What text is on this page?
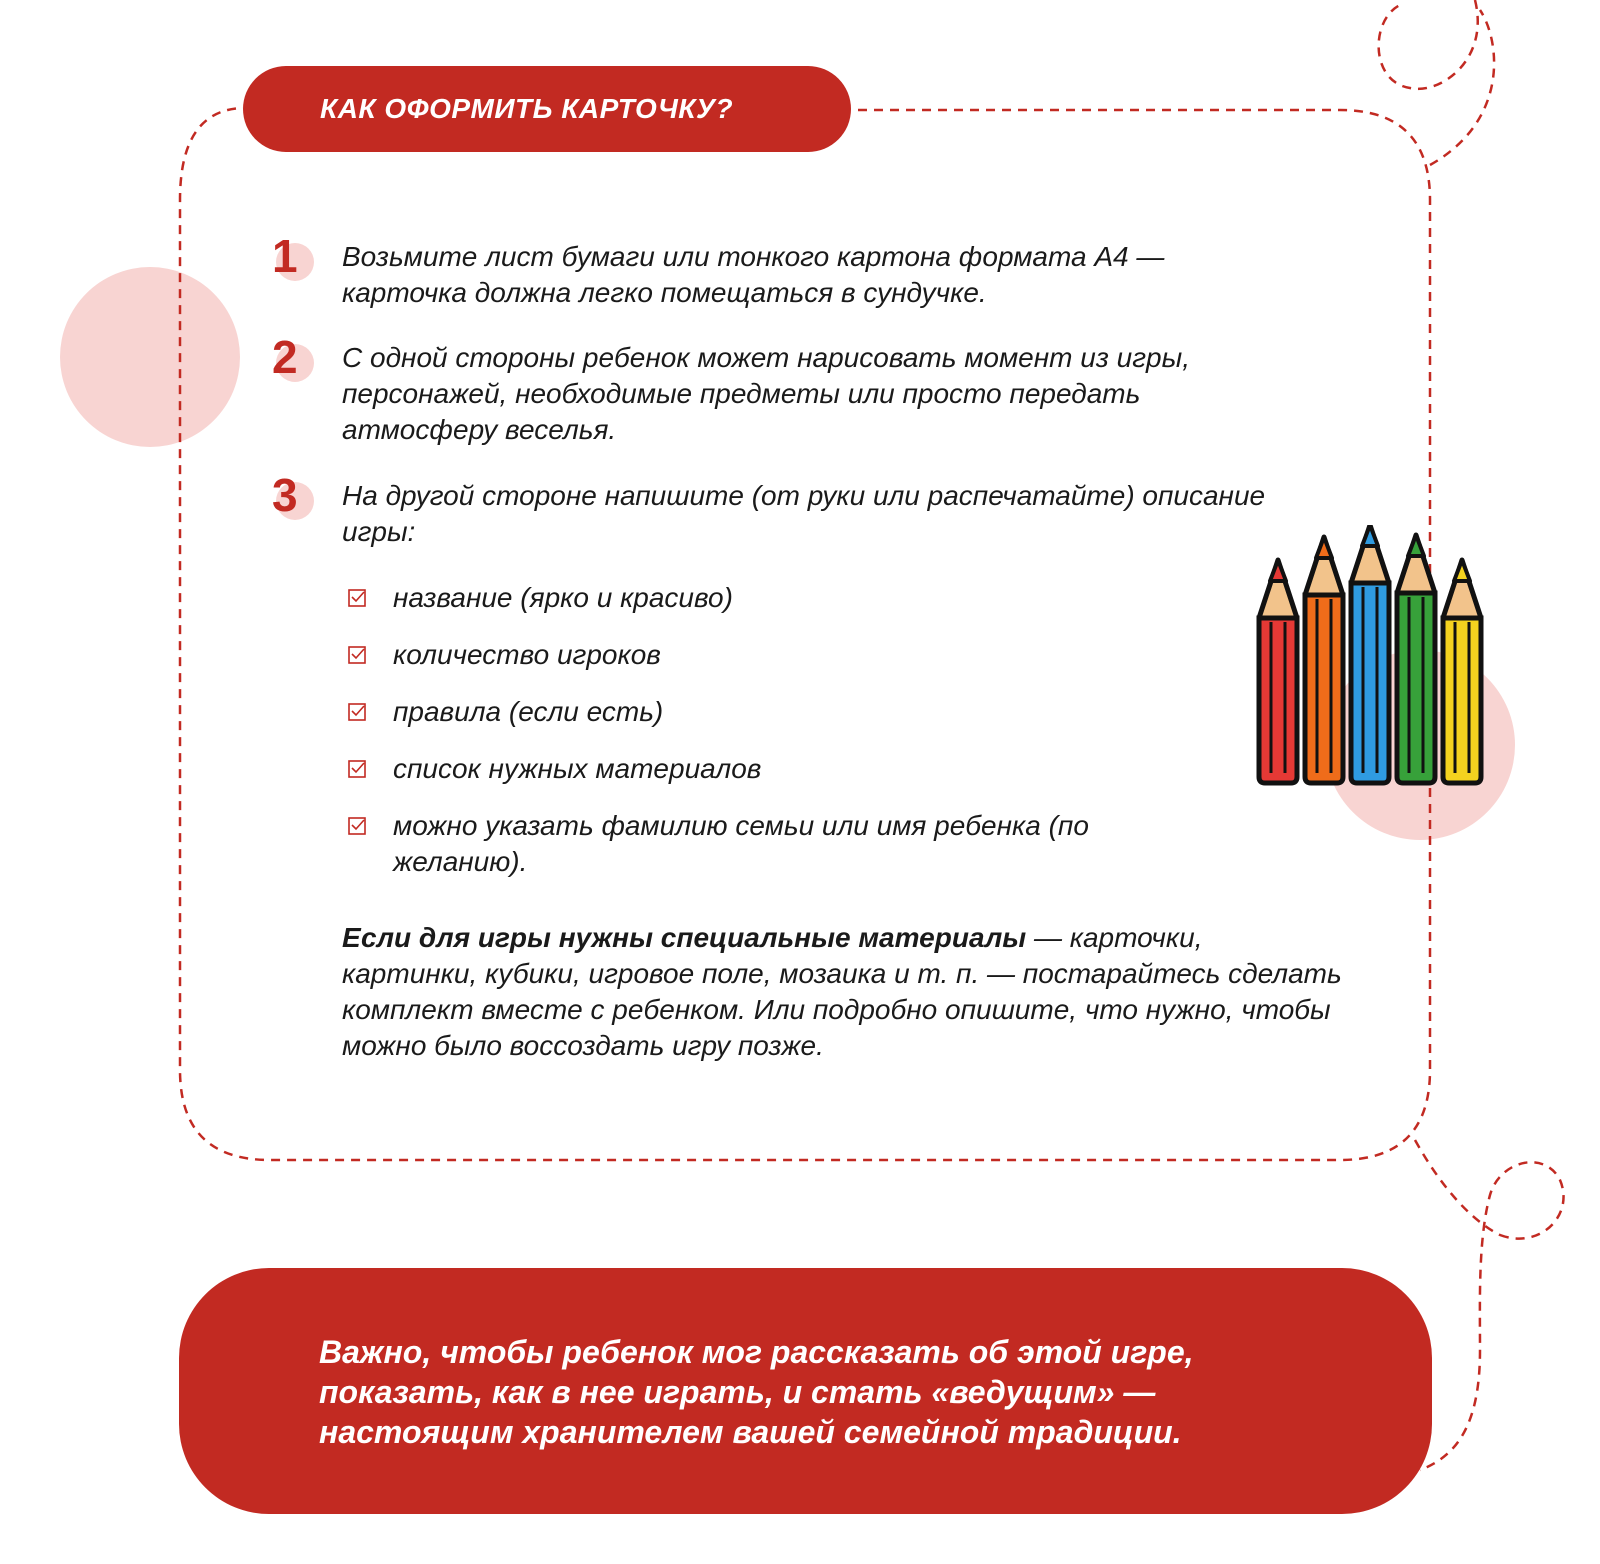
КАК ОФОРМИТЬ КАРТОЧКУ?
1 Возьмите лист бумаги или тонкого картона формата А4 — карточка должна легко помещаться в сундучке.
2 С одной стороны ребенок может нарисовать момент из игры, персонажей, необходимые предметы или просто передать атмосферу веселья.
3 На другой стороне напишите (от руки или распечатайте) описание игры:
название (ярко и красиво)
количество игроков
правила (если есть)
список нужных материалов
можно указать фамилию семьи или имя ребенка (по желанию).
Если для игры нужны специальные материалы — карточки, картинки, кубики, игровое поле, мозаика и т. п. — постарайтесь сделать комплект вместе с ребенком. Или подробно опишите, что нужно, чтобы можно было воссоздать игру позже.
Важно, чтобы ребенок мог рассказать об этой игре, показать, как в нее играть, и стать «ведущим» — настоящим хранителем вашей семейной традиции.
